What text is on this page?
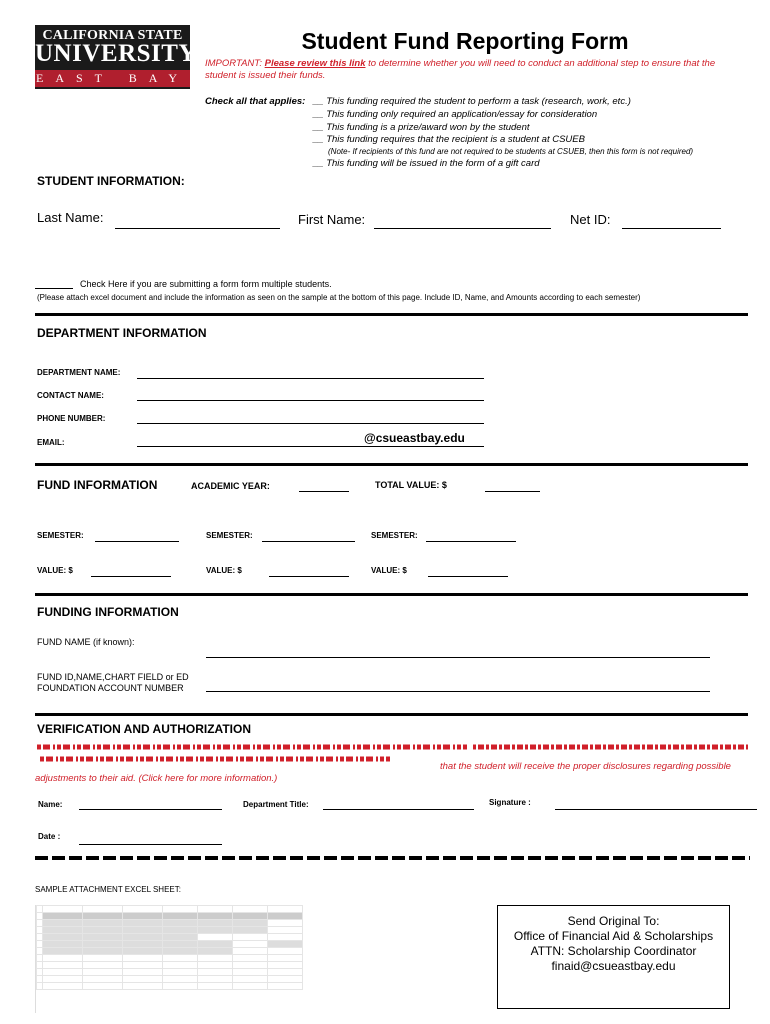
CALIFORNIA STATE
UNIVERSITY
EAST BAY
Student Fund Reporting Form
IMPORTANT: Please review this link to determine whether you will need to conduct an additional step to ensure that the student is issued their funds.
Check all that applies: __ This funding required the student to perform a task (research, work, etc.)
__ This funding only required an application/essay for consideration
__ This funding is a prize/award won by the student
__ This funding requires that the recipient is a student at CSUEB
(Note- If recipients of this fund are not required to be students at CSUEB, then this form is not required)
__ This funding will be issued in the form of a gift card
STUDENT INFORMATION:
Last Name:	First Name:	Net ID:
Check Here if you are submitting a form form multiple students.
(Please attach excel document and include the information as seen on the sample at the bottom of this page. Include ID, Name, and Amounts according to each semester)
DEPARTMENT INFORMATION
DEPARTMENT NAME:
CONTACT NAME:
PHONE NUMBER:
EMAIL:	@csueastbay.edu
FUND INFORMATION	ACADEMIC YEAR:	TOTAL VALUE: $
SEMESTER:	SEMESTER:	SEMESTER:
VALUE: $	VALUE: $	VALUE: $
FUNDING INFORMATION
FUND NAME (if known):
FUND ID,NAME,CHART FIELD or ED FOUNDATION ACCOUNT NUMBER
VERIFICATION AND AUTHORIZATION
that the student will receive the proper disclosures regarding possible adjustments to their aid. (Click here for more information.)
Name:	Department Title:	Signature :
Date :
SAMPLE ATTACHMENT EXCEL SHEET:

Send Original To:
Office of Financial Aid & Scholarships
ATTN: Scholarship Coordinator
finaid@csueastbay.edu
